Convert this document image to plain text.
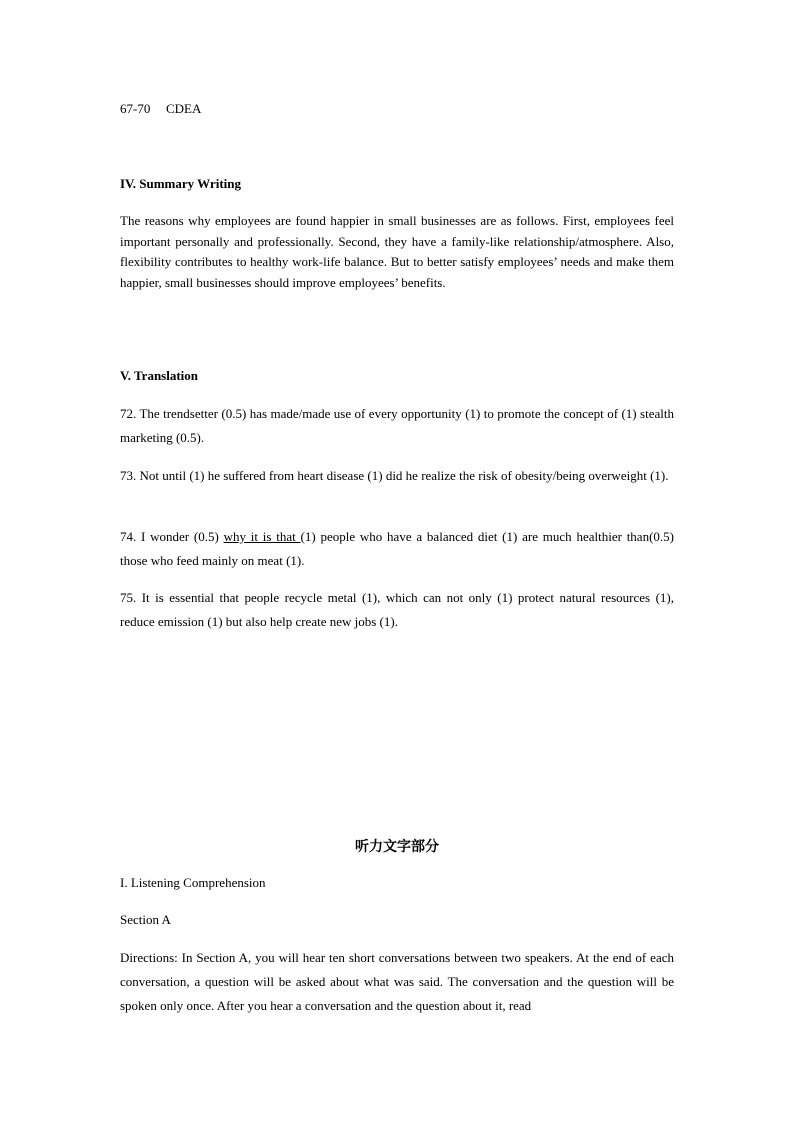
67-70 CDEA

IV. Summary Writing

The reasons why employees are found happier in small businesses are as follows. First, employees feel important personally and professionally. Second, they have a family-like relationship/atmosphere. Also, flexibility contributes to healthy work-life balance. But to better satisfy employees’ needs and make them happier, small businesses should improve employees’ benefits.

V. Translation

72. The trendsetter (0.5) has made/made use of every opportunity (1) to promote the concept of (1) stealth marketing (0.5).

73. Not until (1) he suffered from heart disease (1) did he realize the risk of obesity/being overweight (1).

74. I wonder (0.5) why it is that (1) people who have a balanced diet (1) are much healthier than(0.5) those who feed mainly on meat (1).

75. It is essential that people recycle metal (1), which can not only (1) protect natural resources (1), reduce emission (1) but also help create new jobs (1).

听力文字部分

I. Listening Comprehension

Section A

Directions: In Section A, you will hear ten short conversations between two speakers. At the end of each conversation, a question will be asked about what was said. The conversation and the question will be spoken only once. After you hear a conversation and the question about it, read
